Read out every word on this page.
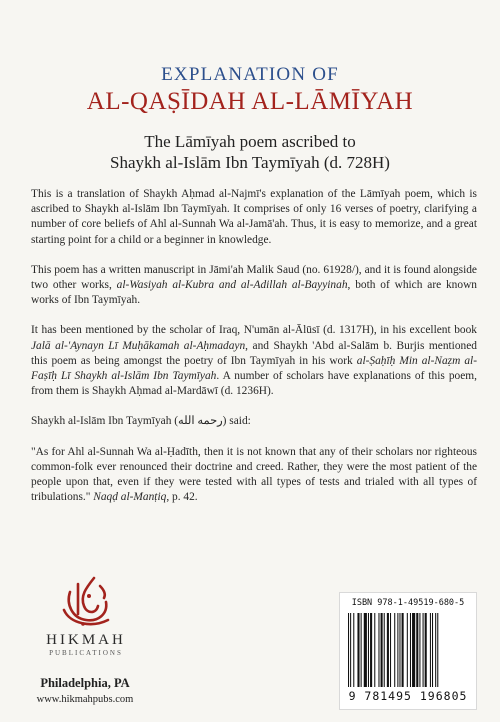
EXPLANATION OF
AL-QAṢĪDAH AL-LĀMĪYAH
The Lāmīyah poem ascribed to
Shaykh al-Islām Ibn Taymīyah (d. 728H)

This is a translation of Shaykh Aḥmad al-Najmī's explanation of the Lāmīyah poem, which is ascribed to Shaykh al-Islām Ibn Taymīyah. It comprises of only 16 verses of poetry, clarifying a number of core beliefs of Ahl al-Sunnah Wa al-Jamā'ah. Thus, it is easy to memorize, and a great starting point for a child or a beginner in knowledge.

This poem has a written manuscript in Jāmi'ah Malik Saud (no. 61928/), and it is found alongside two other works, al-Wasiyah al-Kubra and al-Adillah al-Bayyinah, both of which are known works of Ibn Taymīyah.

It has been mentioned by the scholar of Iraq, N'umān al-Ālūsī (d. 1317H), in his excellent book Jalā al-'Aynayn Lī Muḥākamah al-Aḥmadayn, and Shaykh 'Abd al-Salām b. Burjis mentioned this poem as being amongst the poetry of Ibn Taymīyah in his work al-Ṣaḥīḥ Min al-Naẓm al-Faṣīḥ Lī Shaykh al-Islām Ibn Taymīyah. A number of scholars have explanations of this poem, from them is Shaykh Aḥmad al-Mardāwī (d. 1236H).

Shaykh al-Islām Ibn Taymīyah (رحمه الله) said:

"As for Ahl al-Sunnah Wa al-Ḥadīth, then it is not known that any of their scholars nor righteous common-folk ever renounced their doctrine and creed. Rather, they were the most patient of the people upon that, even if they were tested with all types of tests and trialed with all types of tribulations." Naqḍ al-Manṭiq, p. 42.

HIKMAH
PUBLICATIONS
Philadelphia, PA
www.hikmahpubs.com
ISBN 978-1-49519-680-5
9 781495 196805
